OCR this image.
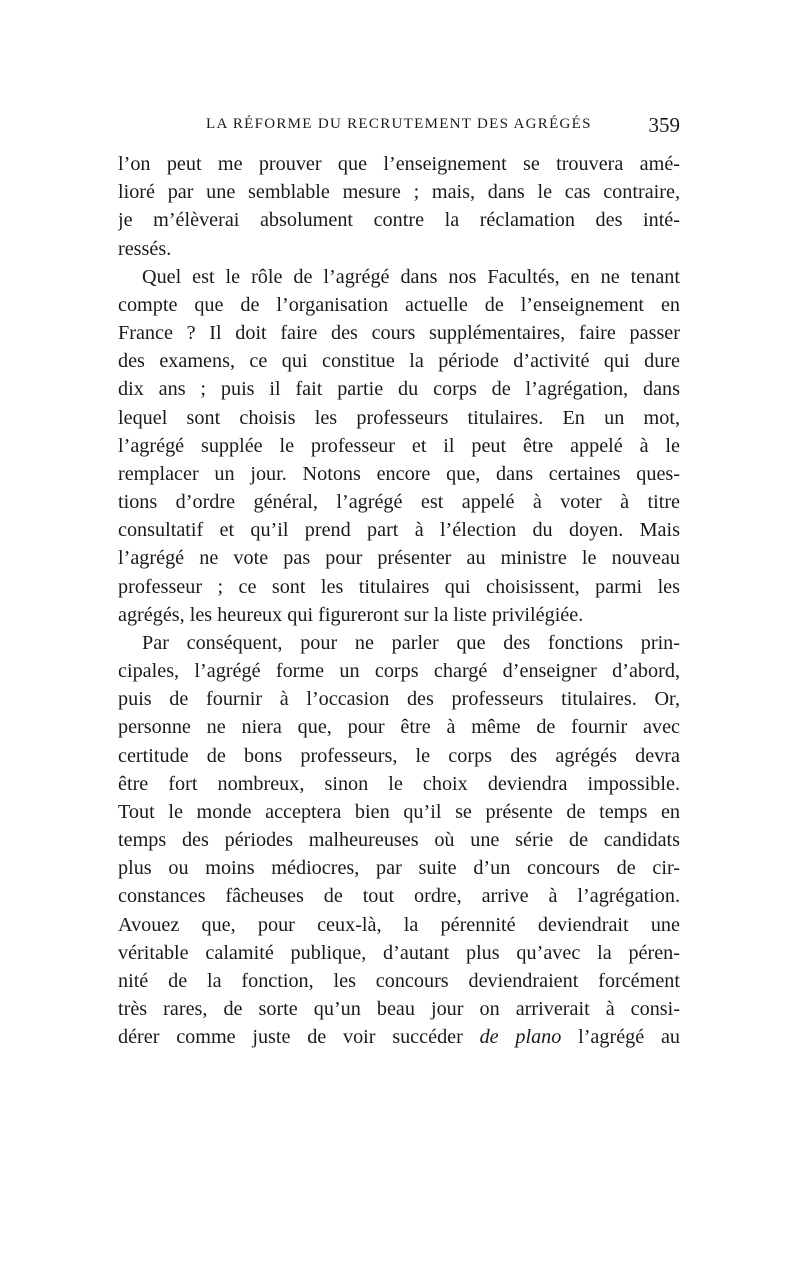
LA RÉFORME DU RECRUTEMENT DES AGRÉGÉS	359
l’on peut me prouver que l’enseignement se trouvera amé-
lioré par une semblable mesure ; mais, dans le cas contraire,
je m’élèverai absolument contre la réclamation des inté-
ressés.
Quel est le rôle de l’agrégé dans nos Facultés, en ne tenant
compte que de l’organisation actuelle de l’enseignement en
France ? Il doit faire des cours supplémentaires, faire passer
des examens, ce qui constitue la période d’activité qui dure
dix ans ; puis il fait partie du corps de l’agrégation, dans
lequel sont choisis les professeurs titulaires. En un mot,
l’agrégé supplée le professeur et il peut être appelé à le
remplacer un jour. Notons encore que, dans certaines ques-
tions d’ordre général, l’agrégé est appelé à voter à titre
consultatif et qu’il prend part à l’élection du doyen. Mais
l’agrégé ne vote pas pour présenter au ministre le nouveau
professeur ; ce sont les titulaires qui choisissent, parmi les
agrégés, les heureux qui figureront sur la liste privilégiée.
Par conséquent, pour ne parler que des fonctions prin-
cipales, l’agrégé forme un corps chargé d’enseigner d’abord,
puis de fournir à l’occasion des professeurs titulaires. Or,
personne ne niera que, pour être à même de fournir avec
certitude de bons professeurs, le corps des agrégés devra
être fort nombreux, sinon le choix deviendra impossible.
Tout le monde acceptera bien qu’il se présente de temps en
temps des périodes malheureuses où une série de candidats
plus ou moins médiocres, par suite d’un concours de cir-
constances fâcheuses de tout ordre, arrive à l’agrégation.
Avouez que, pour ceux-là, la pérennité deviendrait une
véritable calamité publique, d’autant plus qu’avec la péren-
nité de la fonction, les concours deviendraient forcément
très rares, de sorte qu’un beau jour on arriverait à consi-
dérer comme juste de voir succéder de plano l’agrégé au
